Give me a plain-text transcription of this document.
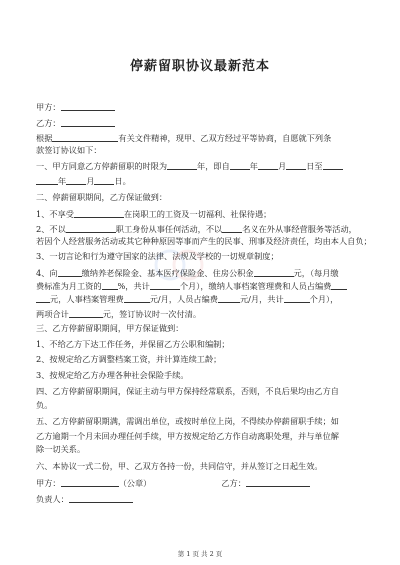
停薪留职协议最新范本
甲方：
乙方：
根据	有关文件精神，现甲、乙双方经过平等协商，自愿就下列条
款签订协议如下：
一、甲方同意乙方停薪留职的时限为	年，即自 年 月 日至
年 月 日。
二、停薪留职期间，乙方保证做到：
1、不享受	在岗职工的工资及一切福利、社保待遇；
2、不以	职工身份从事任何活动，不以 名义在外从事经营服务等活动，
若因个人经营服务活动或其它种种原因等事而产生的民事、刑事及经济责任，均由本人自负；
3、一切言论和行为遵守国家的法律、法规及学校的一切规章制度；
4、向	缴纳养老保险金、基本医疗保险金、住房公积金	元，（每月缴
费标准为月工资的 %，共计	个月），缴纳人事档案管理费和人员占编费
元，人事档案管理费	元/月，人员占编费	元/月，共计	个月），
两项合计	元，签订协议时一次付清。
三、乙方停薪留职期间，甲方保证做到：
1、不给乙方下达工作任务，并保留乙方公职和编制；
2、按规定给乙方调整档案工资，并计算连续工龄；
3、按规定给乙方办理各种社会保险手续。
四、乙方停薪留职期间，保证主动与甲方保持经常联系，否则，不良后果均由乙方自
负。
五、乙方停薪留职期满，需调出单位，或按时单位上岗，不得续办停薪留职手续；如
乙方逾期一个月未回办理任何手续，甲方按规定给乙方作自动离职处理，并与单位解
除一切关系。
六、本协议一式二份，甲、乙双方各持一份，共同信守，并从签订之日起生效。
甲方：	（公章）	乙方：
负责人：
第 1 页 共 2 页
